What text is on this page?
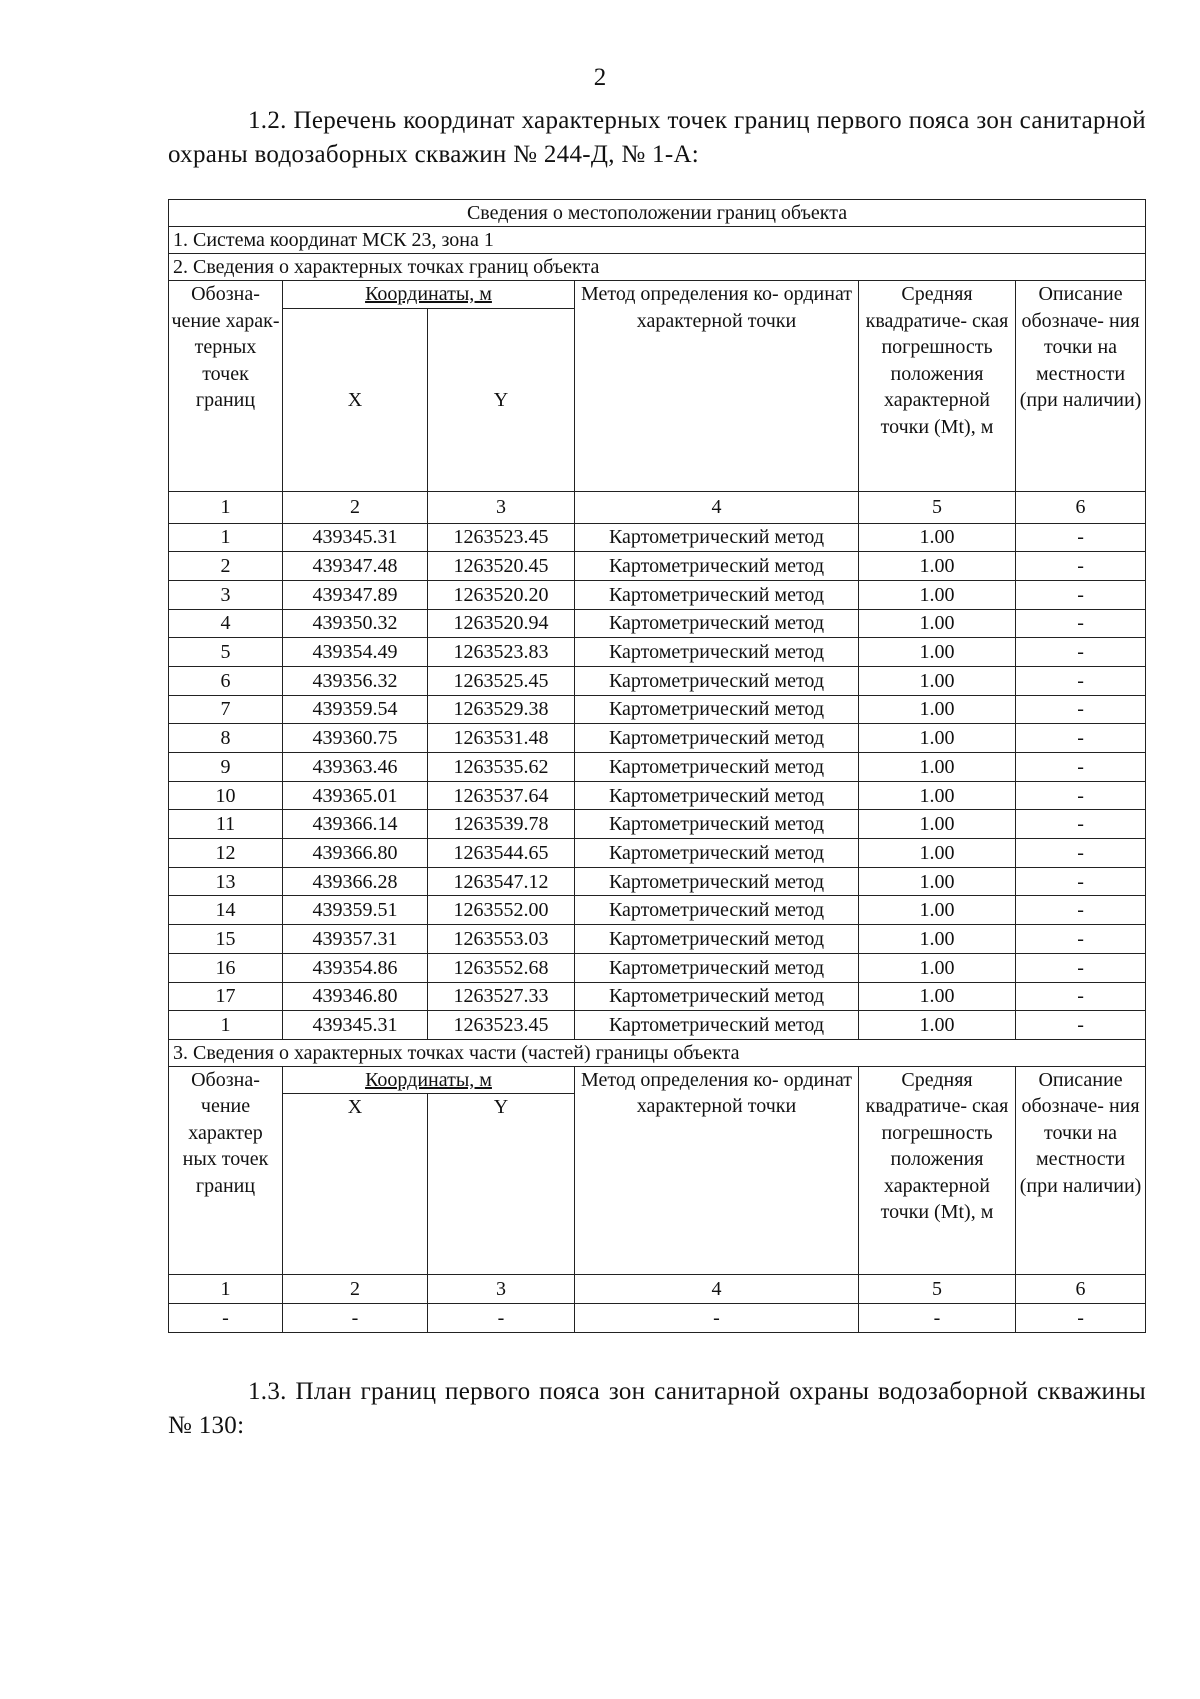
2
1.2. Перечень координат характерных точек границ первого пояса зон санитарной охраны водозаборных скважин № 244-Д, № 1-А:
Сведения о местоположении границ объекта					
1. Система координат МСК 23, зона 1					
2. Сведения о характерных точках границ объекта					
Обозна- чение харак- терных точек границ	Координаты, м		Метод определения ко- ординат характерной точки	Средняя квадратиче- ская погрешность положения характерной точки (Mt), м	Описание обозначе- ния точки на местности (при наличии)
	X	Y			
1	2	3	4	5	6
1	439345.31	1263523.45	Картометрический метод	1.00	-
2	439347.48	1263520.45	Картометрический метод	1.00	-
3	439347.89	1263520.20	Картометрический метод	1.00	-
4	439350.32	1263520.94	Картометрический метод	1.00	-
5	439354.49	1263523.83	Картометрический метод	1.00	-
6	439356.32	1263525.45	Картометрический метод	1.00	-
7	439359.54	1263529.38	Картометрический метод	1.00	-
8	439360.75	1263531.48	Картометрический метод	1.00	-
9	439363.46	1263535.62	Картометрический метод	1.00	-
10	439365.01	1263537.64	Картометрический метод	1.00	-
11	439366.14	1263539.78	Картометрический метод	1.00	-
12	439366.80	1263544.65	Картометрический метод	1.00	-
13	439366.28	1263547.12	Картометрический метод	1.00	-
14	439359.51	1263552.00	Картометрический метод	1.00	-
15	439357.31	1263553.03	Картометрический метод	1.00	-
16	439354.86	1263552.68	Картометрический метод	1.00	-
17	439346.80	1263527.33	Картометрический метод	1.00	-
1	439345.31	1263523.45	Картометрический метод	1.00	-
3. Сведения о характерных точках части (частей) границы объекта					
Обозна- чение характер ных точек границ	Координаты, м		Метод определения ко- ординат характерной точки	Средняя квадратиче- ская погрешность положения характерной точки (Mt), м	Описание обозначе- ния точки на местности (при наличии)
	X	Y			
1	2	3	4	5	6
-	-	-	-	-	-
1.3. План границ первого пояса зон санитарной охраны водозаборной скважины № 130:
